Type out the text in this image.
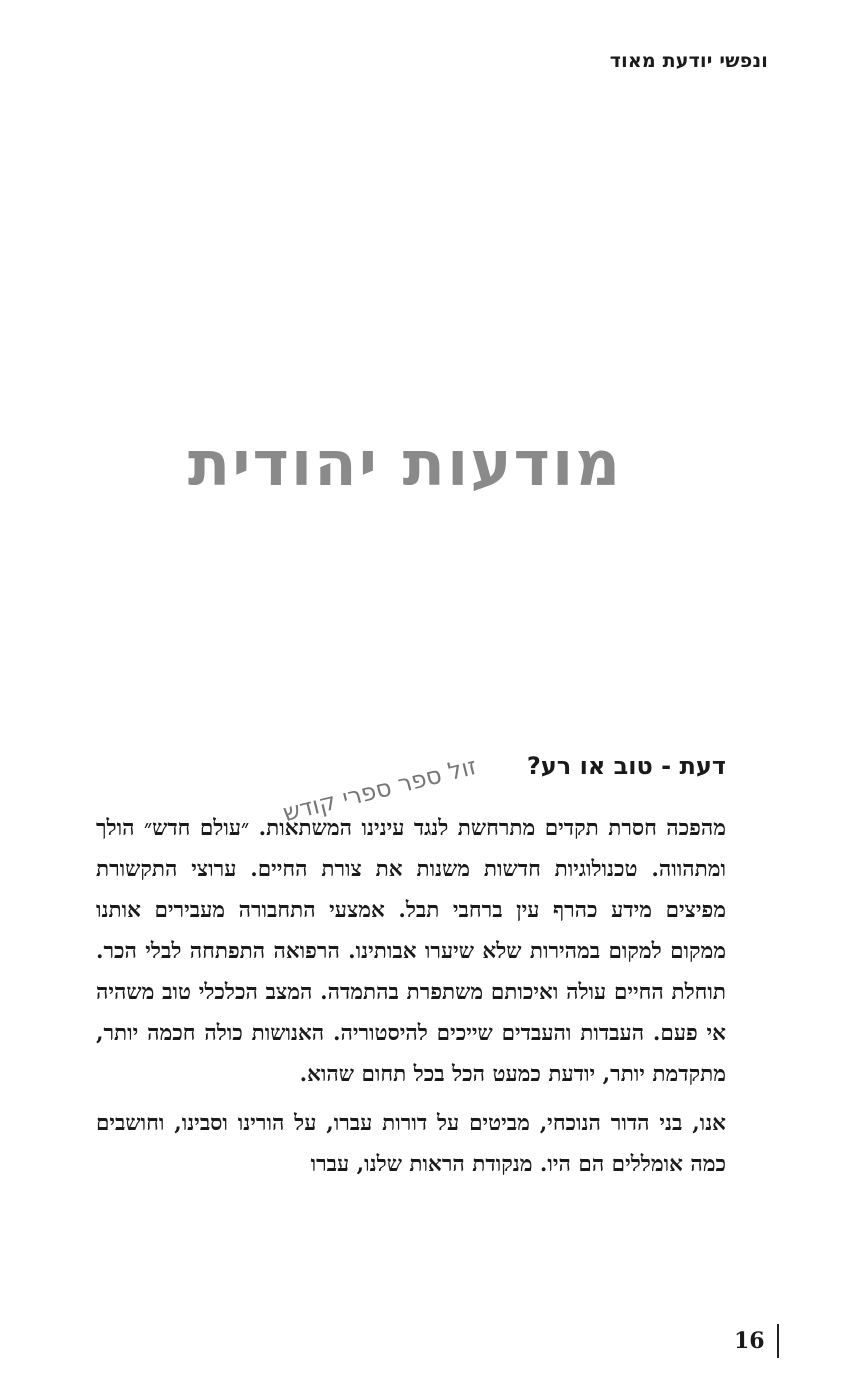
ונפשי יודעת מאוד
מודעות יהודית
דעת - טוב או רע?

מהפכה חסרת תקדים מתרחשת לנגד עינינו המשתאות. ״עולם חדש״ הולך ומתהווה. טכנולוגיות חדשות משנות את צורת החיים. ערוצי התקשורת מפיצים מידע כהרף עין ברחבי תבל. אמצעי התחבורה מעבירים אותנו ממקום למקום במהירות שלא שיערו אבותינו. הרפואה התפתחה לבלי הכר. תוחלת החיים עולה ואיכותם משתפרת בהתמדה. המצב הכלכלי טוב משהיה אי פעם. העבדות והעבדים שייכים להיסטוריה. האנושות כולה חכמה יותר, מתקדמת יותר, יודעת כמעט הכל בכל תחום שהוא.

אנו, בני הדור הנוכחי, מביטים על דורות עברו, על הורינו וסבינו, וחושבים כמה אומללים הם היו. מנקודת הראות שלנו, עברו

זול ספר ספרי קודש
16
